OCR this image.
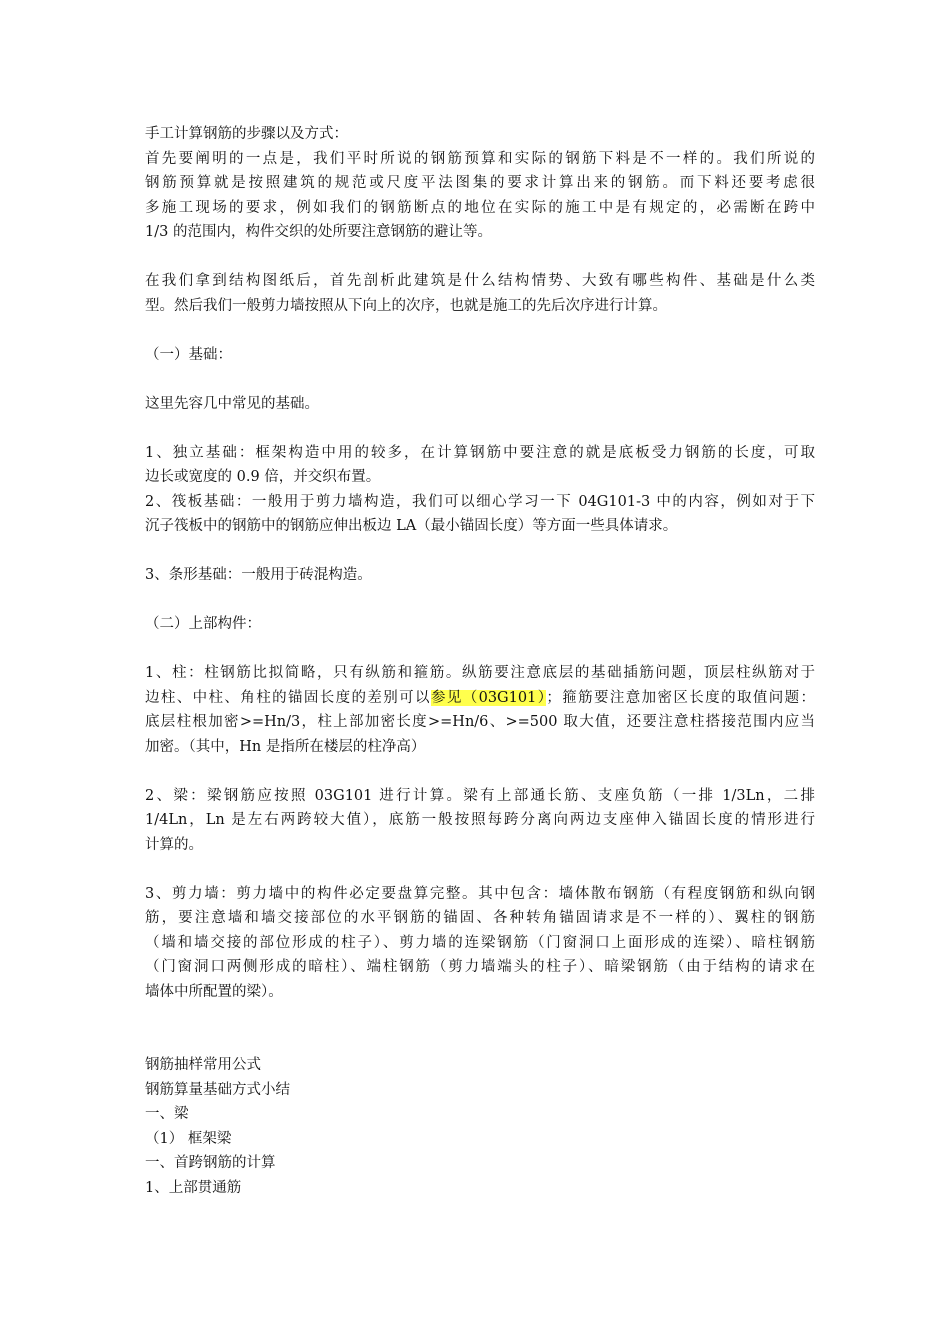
手工计算钢筋的步骤以及方式：
首先要阐明的一点是，我们平时所说的钢筋预算和实际的钢筋下料是不一样的。我们所说的
钢筋预算就是按照建筑的规范或尺度平法图集的要求计算出来的钢筋。而下料还要考虑很
多施工现场的要求，例如我们的钢筋断点的地位在实际的施工中是有规定的，必需断在跨中
1/3 的范围内，构件交织的处所要注意钢筋的避让等。
在我们拿到结构图纸后，首先剖析此建筑是什么结构情势、大致有哪些构件、基础是什么类
型。然后我们一般剪力墙按照从下向上的次序，也就是施工的先后次序进行计算。
（一）基础：
这里先容几中常见的基础。
1、独立基础：框架构造中用的较多，在计算钢筋中要注意的就是底板受力钢筋的长度，可取
边长或宽度的 0.9 倍，并交织布置。
2、筏板基础：一般用于剪力墙构造，我们可以细心学习一下 04G101-3 中的内容，例如对于下
沉子筏板中的钢筋中的钢筋应伸出板边 LA（最小锚固长度）等方面一些具体请求。
3、条形基础：一般用于砖混构造。
（二）上部构件：
1、柱：柱钢筋比拟简略，只有纵筋和箍筋。纵筋要注意底层的基础插筋问题，顶层柱纵筋对于
边柱、中柱、角柱的锚固长度的差别可以参见（03G101）；箍筋要注意加密区长度的取值问题：
底层柱根加密>=Hn/3，柱上部加密长度>=Hn/6、>=500 取大值，还要注意柱搭接范围内应当
加密。（其中，Hn 是指所在楼层的柱净高）
2、梁：梁钢筋应按照 03G101 进行计算。梁有上部通长筋、支座负筋（一排 1/3Ln，二排
1/4Ln，Ln 是左右两跨较大值），底筋一般按照每跨分离向两边支座伸入锚固长度的情形进行
计算的。
3、剪力墙：剪力墙中的构件必定要盘算完整。其中包含：墙体散布钢筋（有程度钢筋和纵向钢
筋，要注意墙和墙交接部位的水平钢筋的锚固、各种转角锚固请求是不一样的）、翼柱的钢筋
（墙和墙交接的部位形成的柱子）、剪力墙的连梁钢筋（门窗洞口上面形成的连梁）、暗柱钢筋
（门窗洞口两侧形成的暗柱）、端柱钢筋（剪力墙端头的柱子）、暗梁钢筋（由于结构的请求在
墙体中所配置的梁）。
钢筋抽样常用公式
钢筋算量基础方式小结
一、梁
（1） 框架梁
一、首跨钢筋的计算
1、上部贯通筋
